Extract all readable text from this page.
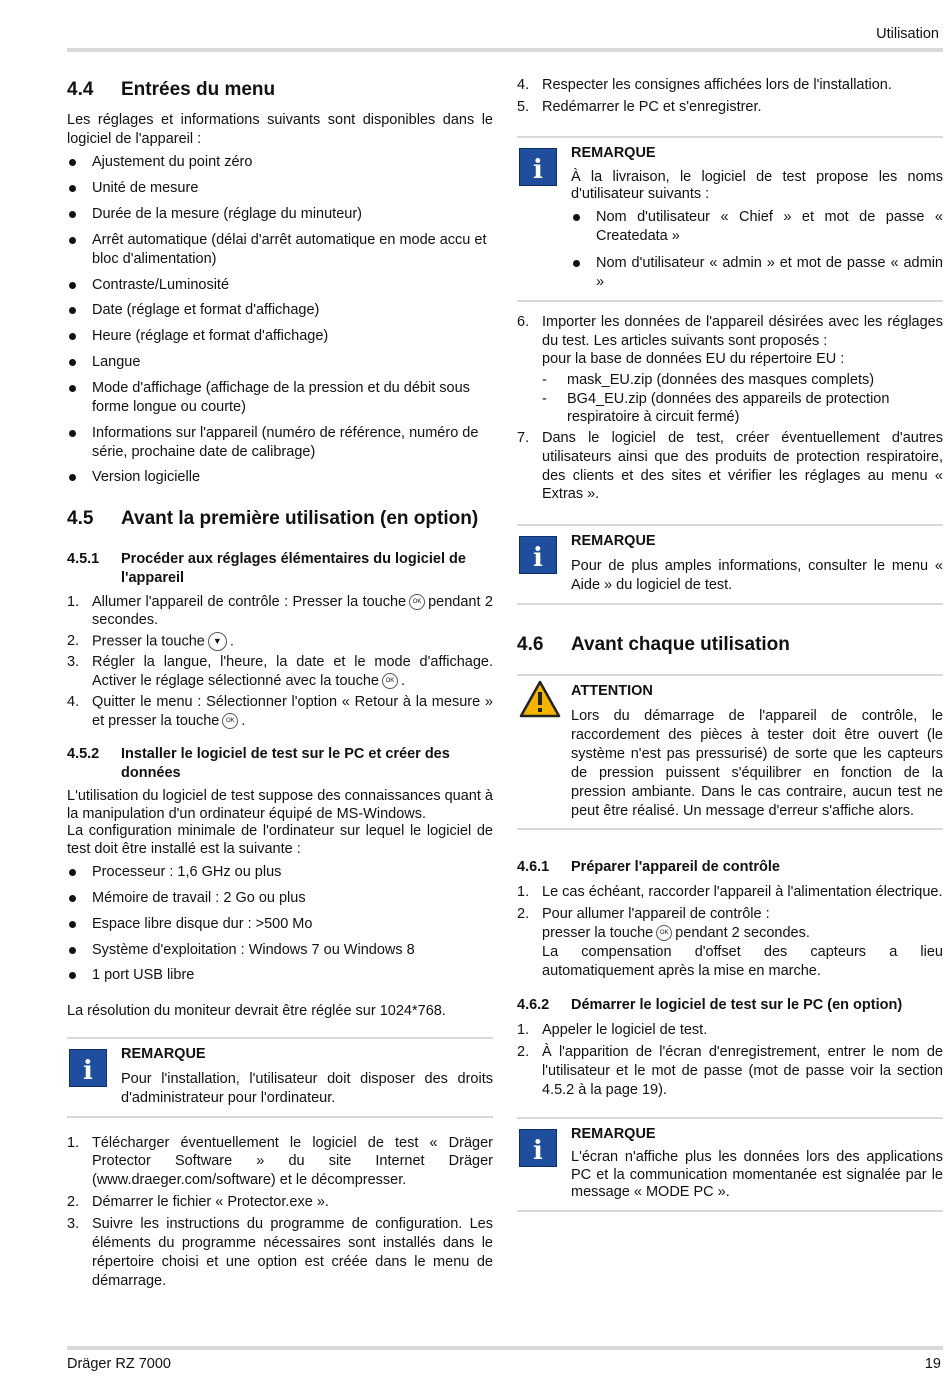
Utilisation
4.4	Entrées du menu

Les réglages et informations suivants sont disponibles dans le logiciel de l'appareil :

Ajustement du point zéro
Unité de mesure
Durée de la mesure (réglage du minuteur)
Arrêt automatique (délai d'arrêt automatique en mode accu et bloc d'alimentation)
Contraste/Luminosité
Date (réglage et format d'affichage)
Heure (réglage et format d'affichage)
Langue
Mode d'affichage (affichage de la pression et du débit sous forme longue ou courte)
Informations sur l'appareil (numéro de référence, numéro de série, prochaine date de calibrage)
Version logicielle
4.5	Avant la première utilisation (en option)
4.5.1	Procéder aux réglages élémentaires du logiciel de l'appareil
1. Allumer l'appareil de contrôle : Presser la touche OK pendant 2 secondes.
2. Presser la touche ▼ .
3. Régler la langue, l'heure, la date et le mode d'affichage. Activer le réglage sélectionné avec la touche OK .
4. Quitter le menu : Sélectionner l'option « Retour à la mesure » et presser la touche OK .
4.5.2	Installer le logiciel de test sur le PC et créer des données

L'utilisation du logiciel de test suppose des connaissances quant à la manipulation d'un ordinateur équipé de MS-Windows.

La configuration minimale de l'ordinateur sur lequel le logiciel de test doit être installé est la suivante :

Processeur : 1,6 GHz ou plus
Mémoire de travail : 2 Go ou plus
Espace libre disque dur : >500 Mo
Système d'exploitation : Windows 7 ou Windows 8
1 port USB libre

La résolution du moniteur devrait être réglée sur 1024*768.

i
REMARQUE

Pour l'installation, l'utilisateur doit disposer des droits d'administrateur pour l'ordinateur.

1. Télécharger éventuellement le logiciel de test « Dräger Protector Software » du site Internet Dräger (www.draeger.com/software) et le décompresser.
2. Démarrer le fichier « Protector.exe ».
3. Suivre les instructions du programme de configuration. Les éléments du programme nécessaires sont installés dans le répertoire choisi et une option est créée dans le menu de démarrage.
4. Respecter les consignes affichées lors de l'installation.
5. Redémarrer le PC et s'enregistrer.
i
REMARQUE

À la livraison, le logiciel de test propose les noms d'utilisateur suivants :

Nom d'utilisateur « Chief » et mot de passe « Createdata »
Nom d'utilisateur « admin » et mot de passe « admin »
6. Importer les données de l'appareil désirées avec les réglages du test. Les articles suivants sont proposés :
pour la base de données EU du répertoire EU :
-	mask_EU.zip (données des masques complets)
-	BG4_EU.zip (données des appareils de protection respiratoire à circuit fermé)
7. Dans le logiciel de test, créer éventuellement d'autres utilisateurs ainsi que des produits de protection respiratoire, des clients et des sites et vérifier les réglages au menu « Extras ».
i
REMARQUE

Pour de plus amples informations, consulter le menu « Aide » du logiciel de test.

4.6	Avant chaque utilisation
ATTENTION

Lors du démarrage de l'appareil de contrôle, le raccordement des pièces à tester doit être ouvert (le système n'est pas pressurisé) de sorte que les capteurs de pression puissent s'équilibrer en fonction de la pression ambiante. Dans le cas contraire, aucun test ne peut être réalisé. Un message d'erreur s'affiche alors.

4.6.1	Préparer l'appareil de contrôle
1. Le cas échéant, raccorder l'appareil à l'alimentation électrique.
2. Pour allumer l'appareil de contrôle :
presser la touche OK pendant 2 secondes.
La compensation d'offset des capteurs a lieu automatiquement après la mise en marche.
4.6.2	Démarrer le logiciel de test sur le PC (en option)
1. Appeler le logiciel de test.
2. À l'apparition de l'écran d'enregistrement, entrer le nom de l'utilisateur et le mot de passe (mot de passe voir la section 4.5.2 à la page 19).
i
REMARQUE

L'écran n'affiche plus les données lors des applications PC et la communication momentanée est signalée par le message « MODE PC ».

Dräger RZ 7000	19
